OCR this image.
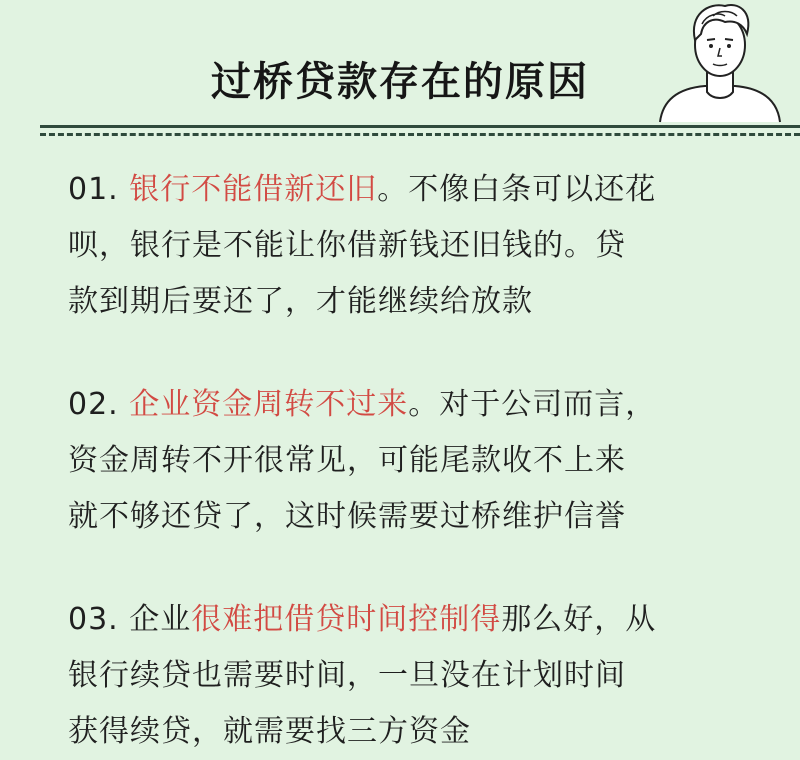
过桥贷款存在的原因
01. 银行不能借新还旧。不像白条可以还花
呗，银行是不能让你借新钱还旧钱的。贷
款到期后要还了，才能继续给放款
02. 企业资金周转不过来。对于公司而言，
资金周转不开很常见，可能尾款收不上来
就不够还贷了，这时候需要过桥维护信誉
03. 企业很难把借贷时间控制得那么好，从
银行续贷也需要时间，一旦没在计划时间
获得续贷，就需要找三方资金
